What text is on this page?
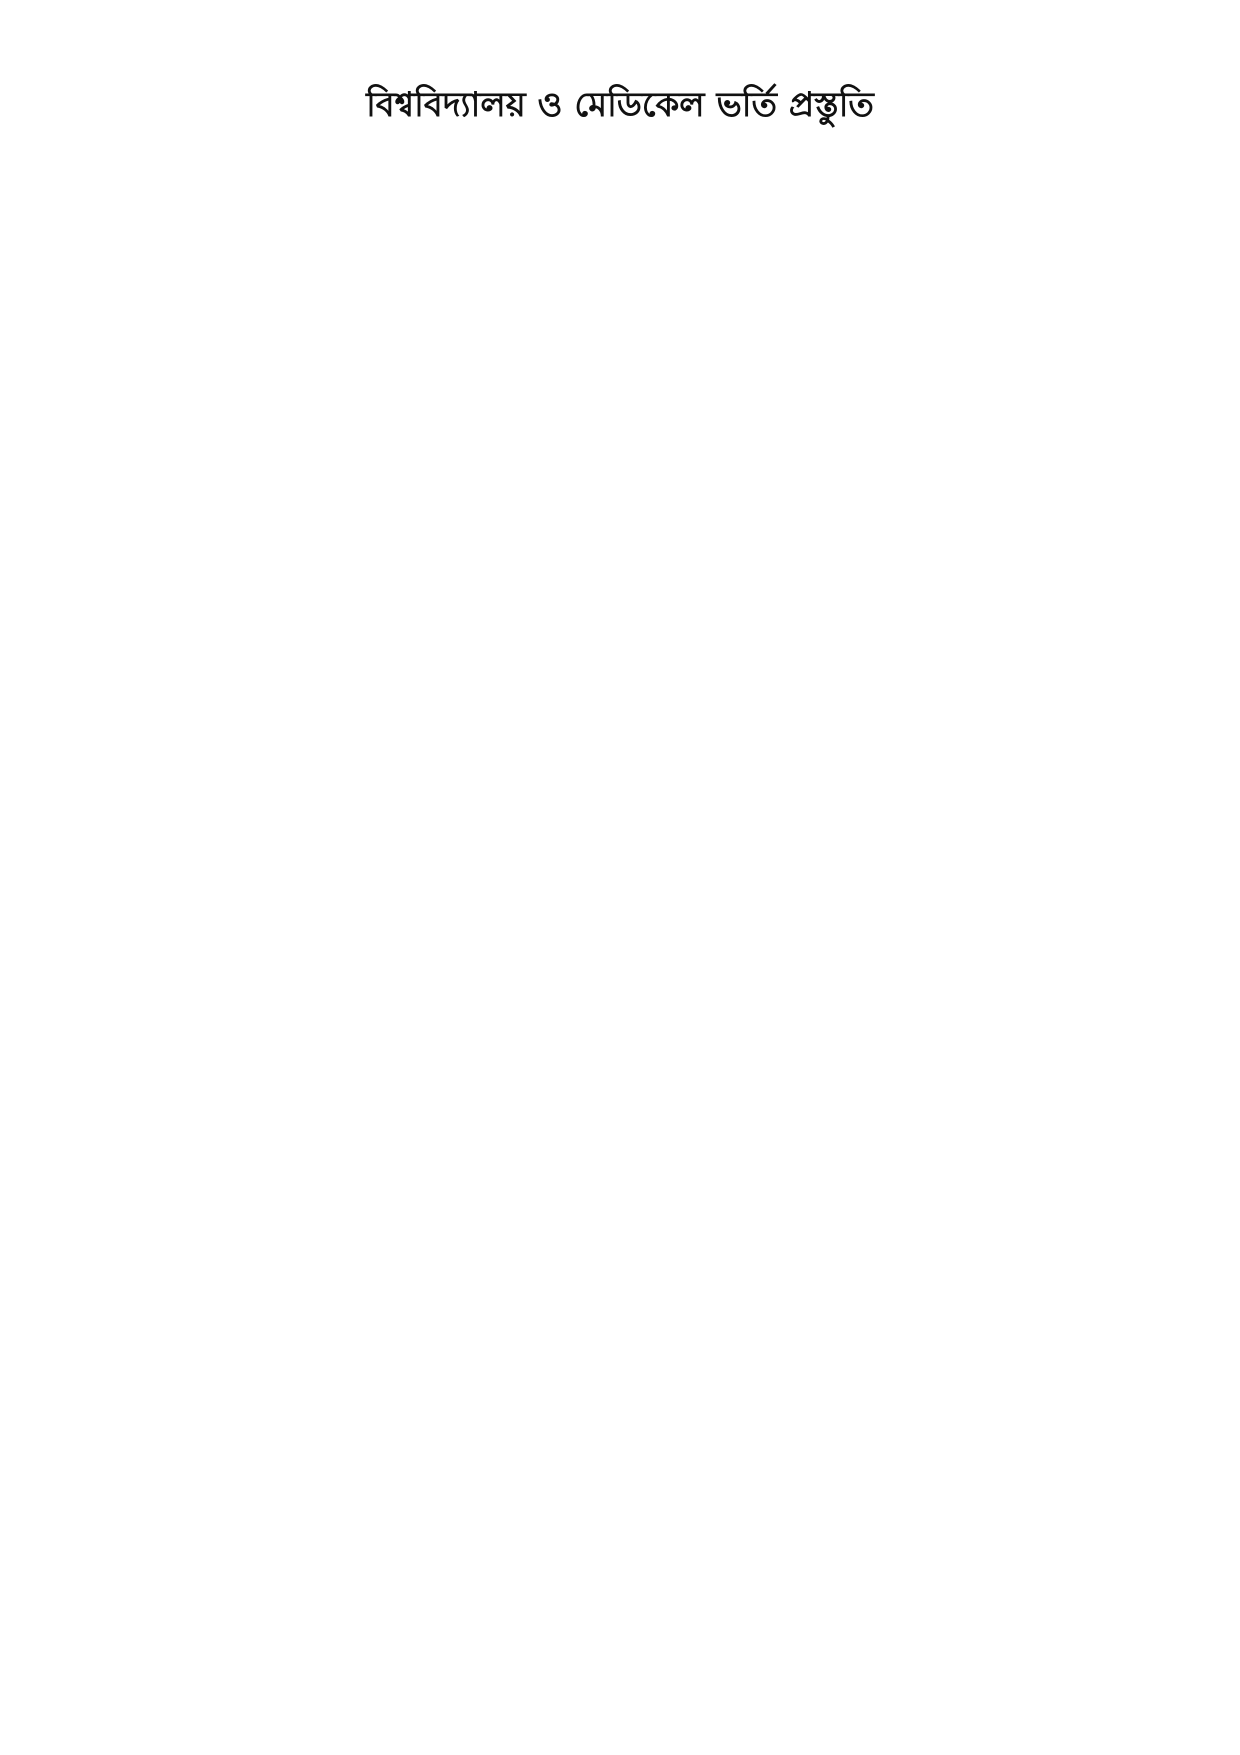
বিশ্ববিদ্যালয় ও মেডিকেল ভর্তি প্রস্তুতি
